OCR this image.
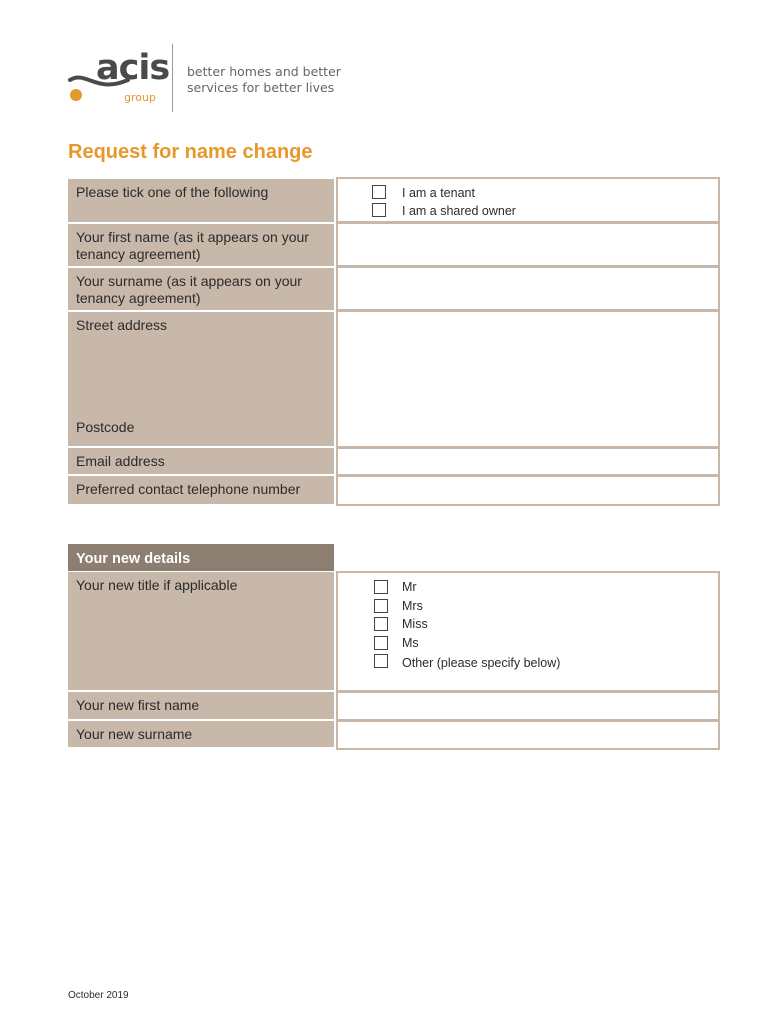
acis
group
better homes and better
services for better lives
Request for name change
Please tick one of the following	I am a tenant
I am a shared owner
Your first name (as it appears on your tenancy agreement)
Your surname (as it appears on your tenancy agreement)
Street address
Postcode
Email address
Preferred contact telephone number
Your new details
Your new title if applicable	Mr
Mrs
Miss
Ms
Other (please specify below)
Your new first name
Your new surname
October 2019
